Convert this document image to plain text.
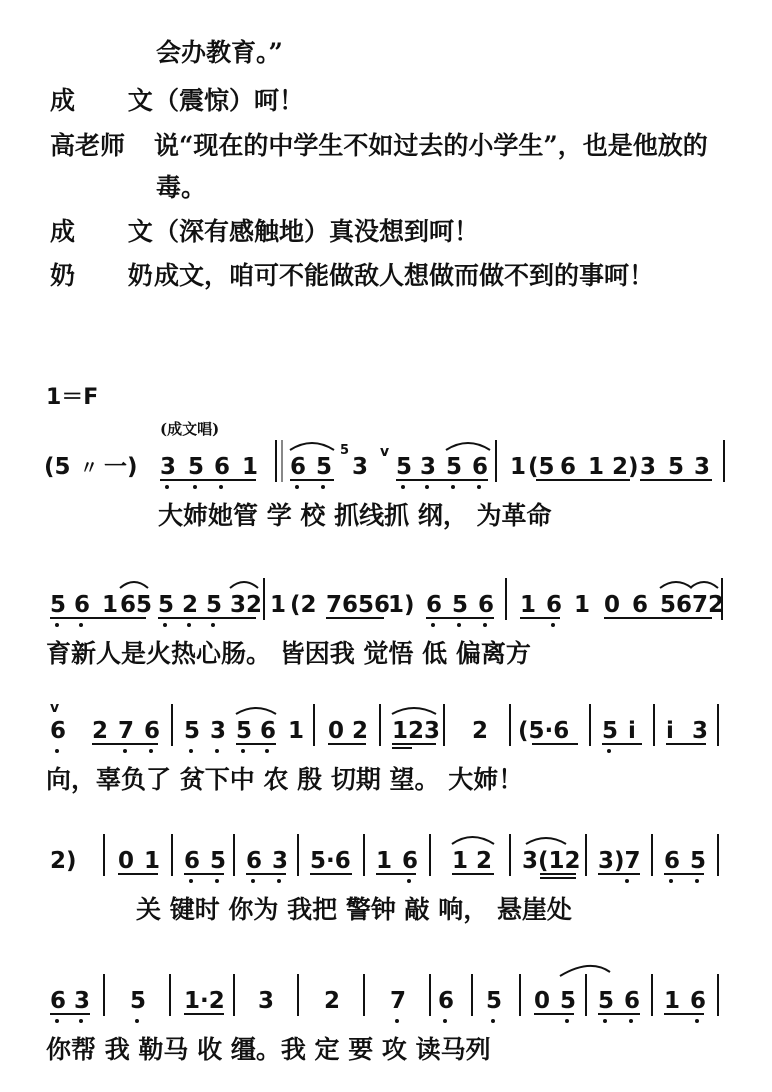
会办教育。”
成 文
（震惊）呵！
高老师 说“现在的中学生不如过去的小学生”，也是他放的
毒。
成 文
（深有感触地）真没想到呵！
奶 奶
成文，咱可不能做敌人想做而做不到的事呵！
1＝F
(成文唱)
(5 〃 一) 3 5 6 1 6 5
5
3
v
5 3 5 6 1 (5 6 1 2) 3 5 3
大姉她管 学 校 抓线抓 纲， 为革命
5 6 1 65 5 2 5 32 1 (2 7656
1) 6 5 6 1 6 1 0 6 5672
育新人是火热心肠。 皆因我 觉悟 低 偏离方
v
6 2 7 6 5 3 5 6 1 0 2 123 2 (5·6 5 i i 3
向，辜负了 贫下中 农 殷 切期 望。 大姉！
2) 0 1 6 5 6 3 5·6 1 6 1 2 3(12 3)7 6 5
关 键时 你为 我把 警钟 敲 响， 悬崖处
6 3 5 1·2 3 2 7 6 5 0 5 5 6 1 6
你帮 我 勒马 收 缰。我 定 要 攻 读马列
